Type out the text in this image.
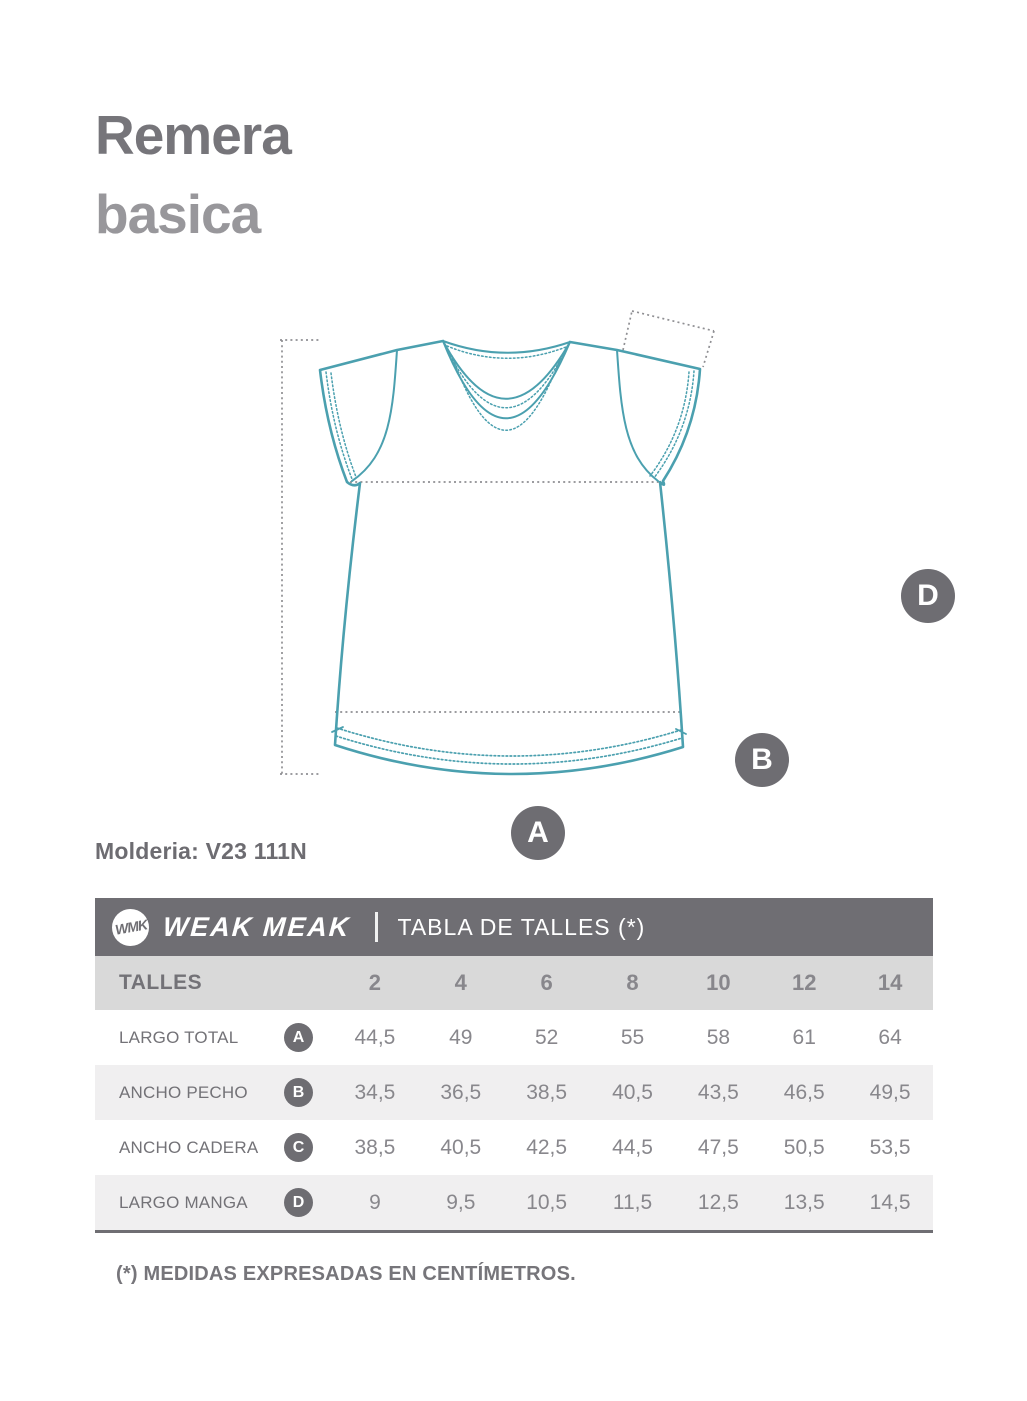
Remera
basica
A
B
D
Molderia: V23 111N
WMK WEAK MEAK TABLA DE TALLES (*)
TALLES	2	4	6	8	10	12	14
LARGO TOTAL	A	44,5	49	52	55	58	61	64
ANCHO PECHO	B	34,5	36,5	38,5	40,5	43,5	46,5	49,5
ANCHO CADERA	C	38,5	40,5	42,5	44,5	47,5	50,5	53,5
LARGO MANGA	D	9	9,5	10,5	11,5	12,5	13,5	14,5
(*) MEDIDAS EXPRESADAS EN CENTÍMETROS.
